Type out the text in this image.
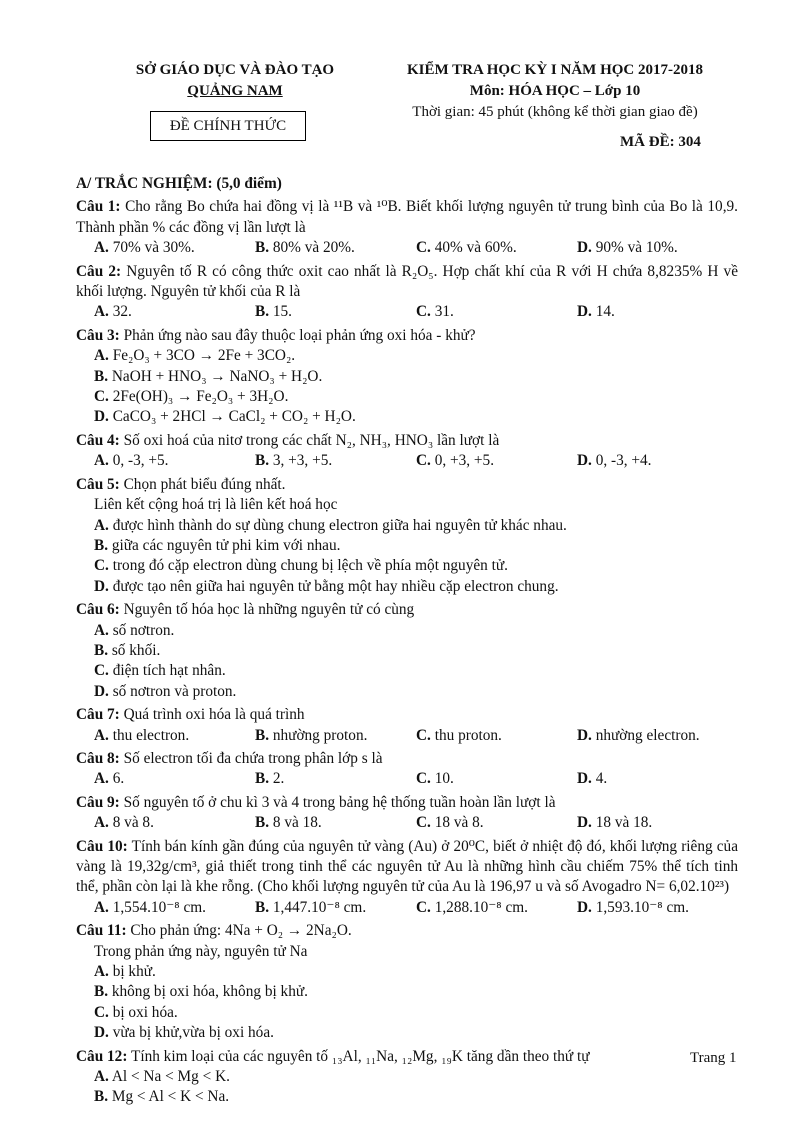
SỞ GIÁO DỤC VÀ ĐÀO TẠO
QUẢNG NAM
ĐỀ CHÍNH THỨC
KIỂM TRA HỌC KỲ I NĂM HỌC 2017-2018
Môn: HÓA HỌC – Lớp 10
Thời gian: 45 phút (không kể thời gian giao đề)
MÃ ĐỀ: 304
A/ TRẮC NGHIỆM: (5,0 điểm)
Câu 1: Cho rằng Bo chứa hai đồng vị là ¹¹B và ¹⁰B. Biết khối lượng nguyên tử trung bình của Bo là 10,9. Thành phần % các đồng vị lần lượt là
A. 70% và 30%.	B. 80% và 20%.	C. 40% và 60%.	D. 90% và 10%.
Câu 2: Nguyên tố R có công thức oxit cao nhất là R₂O₅. Hợp chất khí của R với H chứa 8,8235% H về khối lượng. Nguyên tử khối của R là
A. 32.	B. 15.	C. 31.	D. 14.
Câu 3: Phản ứng nào sau đây thuộc loại phản ứng oxi hóa - khử?
A. Fe₂O₃ + 3CO → 2Fe + 3CO₂.
B. NaOH + HNO₃ → NaNO₃ + H₂O.
C. 2Fe(OH)₃ → Fe₂O₃ + 3H₂O.
D. CaCO₃ + 2HCl → CaCl₂ + CO₂ + H₂O.
Câu 4: Số oxi hoá của nitơ trong các chất N₂, NH₃, HNO₃ lần lượt là
A. 0, -3, +5.	B. 3, +3, +5.	C. 0, +3, +5.	D. 0, -3, +4.
Câu 5: Chọn phát biểu đúng nhất.
Liên kết cộng hoá trị là liên kết hoá học
A. được hình thành do sự dùng chung electron giữa hai nguyên tử khác nhau.
B. giữa các nguyên tử phi kim với nhau.
C. trong đó cặp electron dùng chung bị lệch về phía một nguyên tử.
D. được tạo nên giữa hai nguyên tử bằng một hay nhiều cặp electron chung.
Câu 6: Nguyên tố hóa học là những nguyên tử có cùng
A. số nơtron.
B. số khối.
C. điện tích hạt nhân.
D. số nơtron và proton.
Câu 7: Quá trình oxi hóa là quá trình
A. thu electron.	B. nhường proton.	C. thu proton.	D. nhường electron.
Câu 8: Số electron tối đa chứa trong phân lớp s là
A. 6.	B. 2.	C. 10.	D. 4.
Câu 9: Số nguyên tố ở chu kì 3 và 4 trong bảng hệ thống tuần hoàn lần lượt là
A. 8 và 8.	B. 8 và 18.	C. 18 và 8.	D. 18 và 18.
Câu 10: Tính bán kính gần đúng của nguyên tử vàng (Au) ở 20⁰C, biết ở nhiệt độ đó, khối lượng riêng của vàng là 19,32g/cm³, giả thiết trong tinh thể các nguyên tử Au là những hình cầu chiếm 75% thể tích tinh thể, phần còn lại là khe rỗng. (Cho khối lượng nguyên tử của Au là 196,97 u và số Avogadro N= 6,02.10²³)
A. 1,554.10⁻⁸ cm.	B. 1,447.10⁻⁸ cm.	C. 1,288.10⁻⁸ cm.	D. 1,593.10⁻⁸ cm.
Câu 11: Cho phản ứng: 4Na + O₂ → 2Na₂O.
Trong phản ứng này, nguyên tử Na
A. bị khử.
B. không bị oxi hóa, không bị khử.
C. bị oxi hóa.
D. vừa bị khử,vừa bị oxi hóa.
Câu 12: Tính kim loại của các nguyên tố ₁₃Al, ₁₁Na, ₁₂Mg, ₁₉K tăng dần theo thứ tự
A. Al < Na < Mg < K.
B. Mg < Al < K < Na.
Trang 1
